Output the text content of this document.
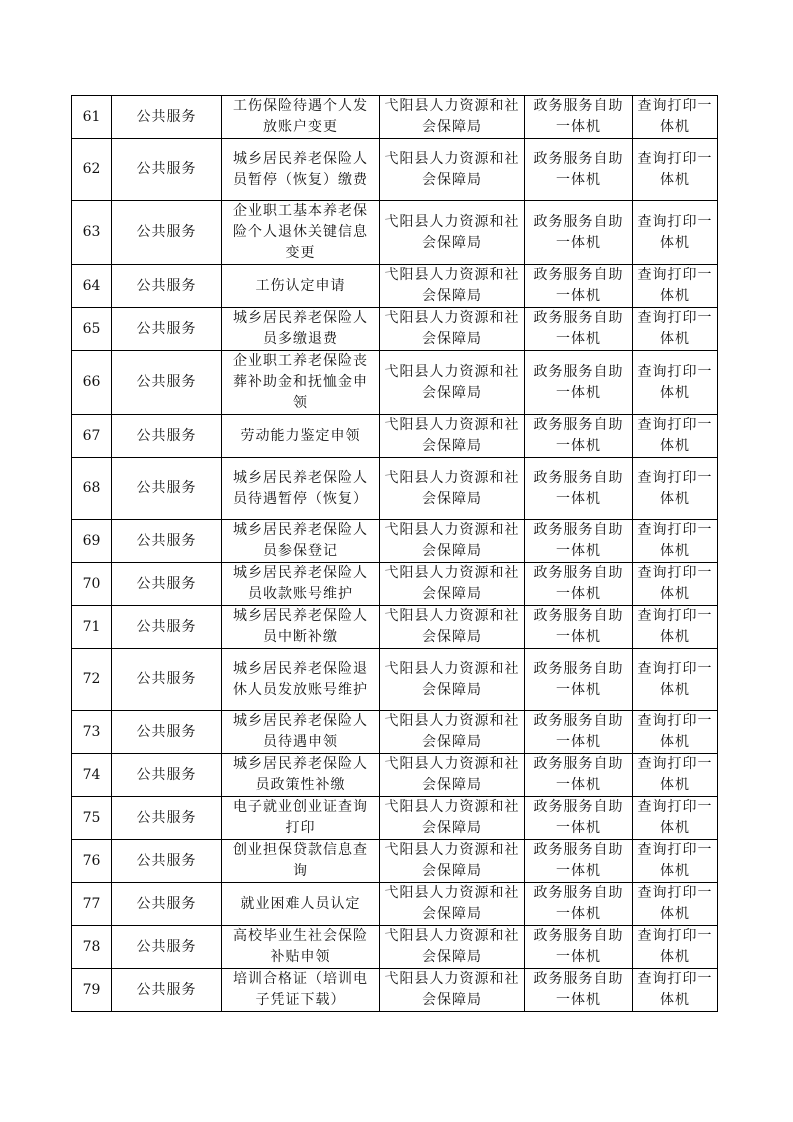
61	公共服务	工伤保险待遇个人发放账户变更	弋阳县人力资源和社会保障局	政务服务自助一体机	查询打印一体机
62	公共服务	城乡居民养老保险人员暂停（恢复）缴费	弋阳县人力资源和社会保障局	政务服务自助一体机	查询打印一体机
63	公共服务	企业职工基本养老保险个人退休关键信息变更	弋阳县人力资源和社会保障局	政务服务自助一体机	查询打印一体机
64	公共服务	工伤认定申请	弋阳县人力资源和社会保障局	政务服务自助一体机	查询打印一体机
65	公共服务	城乡居民养老保险人员多缴退费	弋阳县人力资源和社会保障局	政务服务自助一体机	查询打印一体机
66	公共服务	企业职工养老保险丧葬补助金和抚恤金申领	弋阳县人力资源和社会保障局	政务服务自助一体机	查询打印一体机
67	公共服务	劳动能力鉴定申领	弋阳县人力资源和社会保障局	政务服务自助一体机	查询打印一体机
68	公共服务	城乡居民养老保险人员待遇暂停（恢复）	弋阳县人力资源和社会保障局	政务服务自助一体机	查询打印一体机
69	公共服务	城乡居民养老保险人员参保登记	弋阳县人力资源和社会保障局	政务服务自助一体机	查询打印一体机
70	公共服务	城乡居民养老保险人员收款账号维护	弋阳县人力资源和社会保障局	政务服务自助一体机	查询打印一体机
71	公共服务	城乡居民养老保险人员中断补缴	弋阳县人力资源和社会保障局	政务服务自助一体机	查询打印一体机
72	公共服务	城乡居民养老保险退休人员发放账号维护	弋阳县人力资源和社会保障局	政务服务自助一体机	查询打印一体机
73	公共服务	城乡居民养老保险人员待遇申领	弋阳县人力资源和社会保障局	政务服务自助一体机	查询打印一体机
74	公共服务	城乡居民养老保险人员政策性补缴	弋阳县人力资源和社会保障局	政务服务自助一体机	查询打印一体机
75	公共服务	电子就业创业证查询打印	弋阳县人力资源和社会保障局	政务服务自助一体机	查询打印一体机
76	公共服务	创业担保贷款信息查询	弋阳县人力资源和社会保障局	政务服务自助一体机	查询打印一体机
77	公共服务	就业困难人员认定	弋阳县人力资源和社会保障局	政务服务自助一体机	查询打印一体机
78	公共服务	高校毕业生社会保险补贴申领	弋阳县人力资源和社会保障局	政务服务自助一体机	查询打印一体机
79	公共服务	培训合格证（培训电子凭证下载）	弋阳县人力资源和社会保障局	政务服务自助一体机	查询打印一体机
